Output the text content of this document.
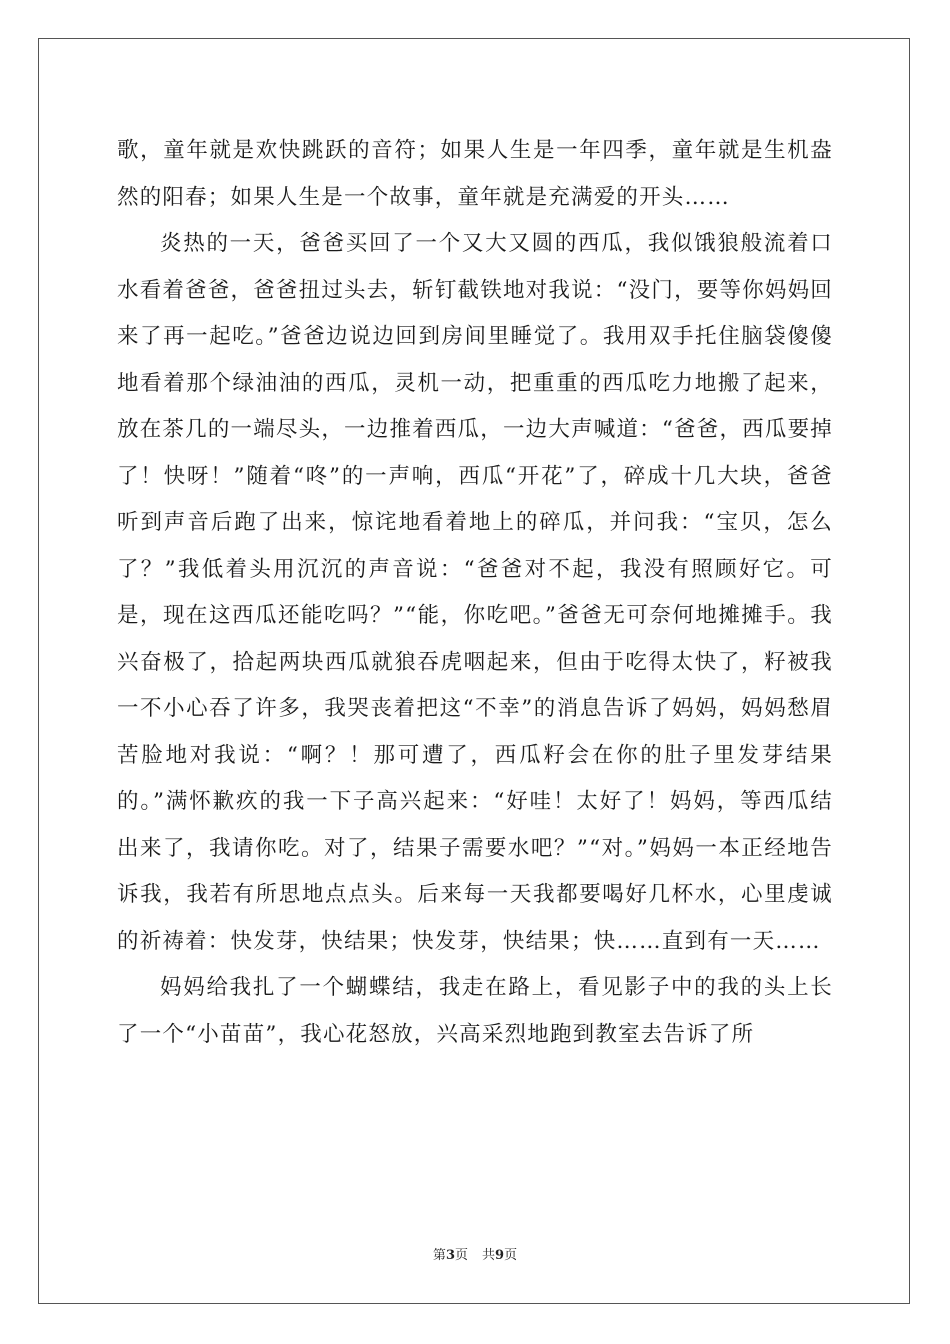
歌，童年就是欢快跳跃的音符；如果人生是一年四季，童年就是生机盎然的阳春；如果人生是一个故事，童年就是充满爱的开头……

炎热的一天，爸爸买回了一个又大又圆的西瓜，我似饿狼般流着口水看着爸爸，爸爸扭过头去，斩钉截铁地对我说：“没门，要等你妈妈回来了再一起吃。”爸爸边说边回到房间里睡觉了。我用双手托住脑袋傻傻地看着那个绿油油的西瓜，灵机一动，把重重的西瓜吃力地搬了起来，放在茶几的一端尽头，一边推着西瓜，一边大声喊道：“爸爸，西瓜要掉了！快呀！”随着“咚”的一声响，西瓜“开花”了，碎成十几大块，爸爸听到声音后跑了出来，惊诧地看着地上的碎瓜，并问我：“宝贝，怎么了？”我低着头用沉沉的声音说：“爸爸对不起，我没有照顾好它。可是，现在这西瓜还能吃吗？”“能，你吃吧。”爸爸无可奈何地摊摊手。我兴奋极了，拾起两块西瓜就狼吞虎咽起来，但由于吃得太快了，籽被我一不小心吞了许多，我哭丧着把这“不幸”的消息告诉了妈妈，妈妈愁眉苦脸地对我说：“啊？！那可遭了，西瓜籽会在你的肚子里发芽结果的。”满怀歉疚的我一下子高兴起来：“好哇！太好了！妈妈，等西瓜结出来了，我请你吃。对了，结果子需要水吧？”“对。”妈妈一本正经地告诉我，我若有所思地点点头。后来每一天我都要喝好几杯水，心里虔诚的祈祷着：快发芽，快结果；快发芽，快结果；快……直到有一天……

妈妈给我扎了一个蝴蝶结，我走在路上，看见影子中的我的头上长了一个“小苗苗”，我心花怒放，兴高采烈地跑到教室去告诉了所

第3页 共9页
